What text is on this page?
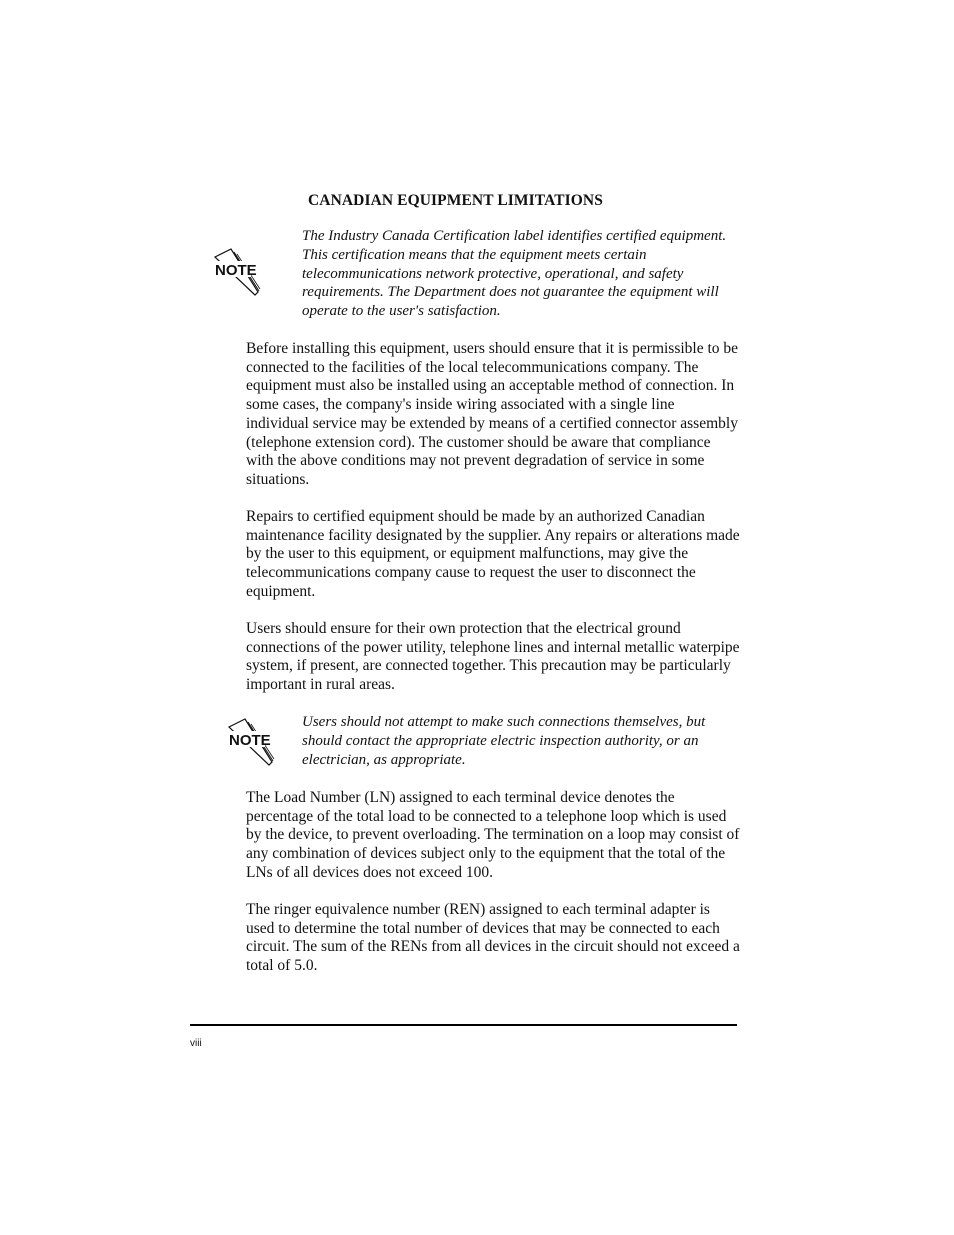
CANADIAN EQUIPMENT LIMITATIONS
NOTE

The Industry Canada Certification label identifies certified equipment. This certification means that the equipment meets certain telecommunications network protective, operational, and safety requirements. The Department does not guarantee the equipment will operate to the user's satisfaction.

Before installing this equipment, users should ensure that it is permissible to be connected to the facilities of the local telecommunications company. The equipment must also be installed using an acceptable method of connection. In some cases, the company's inside wiring associated with a single line individual service may be extended by means of a certified connector assembly (telephone extension cord). The customer should be aware that compliance with the above conditions may not prevent degradation of service in some situations.

Repairs to certified equipment should be made by an authorized Canadian maintenance facility designated by the supplier. Any repairs or alterations made by the user to this equipment, or equipment malfunctions, may give the telecommunications company cause to request the user to disconnect the equipment.

Users should ensure for their own protection that the electrical ground connections of the power utility, telephone lines and internal metallic waterpipe system, if present, are connected together. This precaution may be particularly important in rural areas.

NOTE

Users should not attempt to make such connections themselves, but should contact the appropriate electric inspection authority, or an electrician, as appropriate.

The Load Number (LN) assigned to each terminal device denotes the percentage of the total load to be connected to a telephone loop which is used by the device, to prevent overloading. The termination on a loop may consist of any combination of devices subject only to the equipment that the total of the LNs of all devices does not exceed 100.

The ringer equivalence number (REN) assigned to each terminal adapter is used to determine the total number of devices that may be connected to each circuit. The sum of the RENs from all devices in the circuit should not exceed a total of 5.0.

viii
